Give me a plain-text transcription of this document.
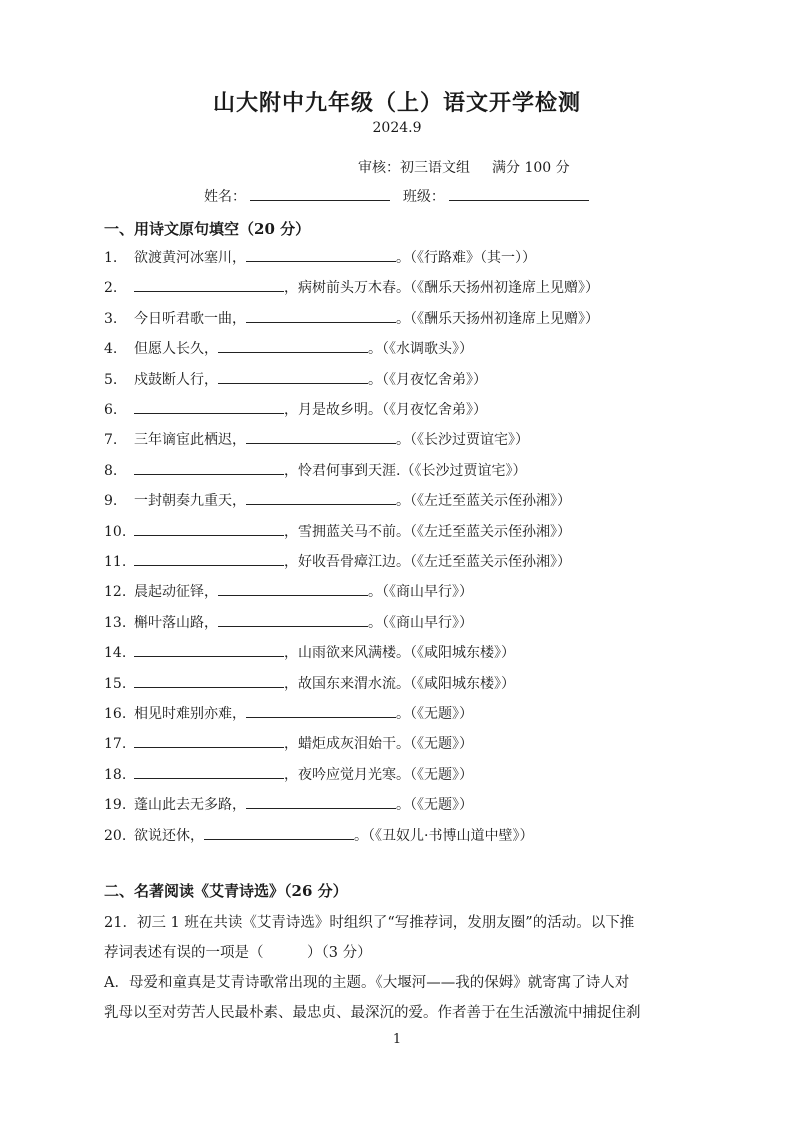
山大附中九年级（上）语文开学检测
2024.9
审核：初三语文组 满分 100 分
姓名：	班级：
一、用诗文原句填空（20 分）
1. 欲渡黄河冰塞川，	。（《行路难》（其一））
2.	，病树前头万木春。（《酬乐天扬州初逢席上见赠》）
3. 今日听君歌一曲，	。（《酬乐天扬州初逢席上见赠》）
4. 但愿人长久，	。（《水调歌头》）
5. 戍鼓断人行，	。（《月夜忆舍弟》）
6.	，月是故乡明。（《月夜忆舍弟》）
7. 三年谪宦此栖迟，	。（《长沙过贾谊宅》）
8.	，怜君何事到天涯.（《长沙过贾谊宅》）
9. 一封朝奏九重天，	。（《左迁至蓝关示侄孙湘》）
10.	，雪拥蓝关马不前。（《左迁至蓝关示侄孙湘》）
11.	，好收吾骨瘴江边。（《左迁至蓝关示侄孙湘》）
12. 晨起动征铎，	。（《商山早行》）
13. 槲叶落山路，	。（《商山早行》）
14.	，山雨欲来风满楼。（《咸阳城东楼》）
15.	，故国东来渭水流。（《咸阳城东楼》）
16. 相见时难别亦难，	。（《无题》）
17.	，蜡炬成灰泪始干。（《无题》）
18.	，夜吟应觉月光寒。（《无题》）
19. 蓬山此去无多路，	。（《无题》）
20. 欲说还休，	。（《丑奴儿·书博山道中壁》）
二、名著阅读《艾青诗选》（26 分）
21．初三 1 班在共读《艾青诗选》时组织了“写推荐词，发朋友圈”的活动。以下推
荐词表述有误的一项是（　　　）（3 分）
A．母爱和童真是艾青诗歌常出现的主题。《大堰河——我的保姆》就寄寓了诗人对
乳母以至对劳苦人民最朴素、最忠贞、最深沉的爱。作者善于在生活激流中捕捉住刹
1
